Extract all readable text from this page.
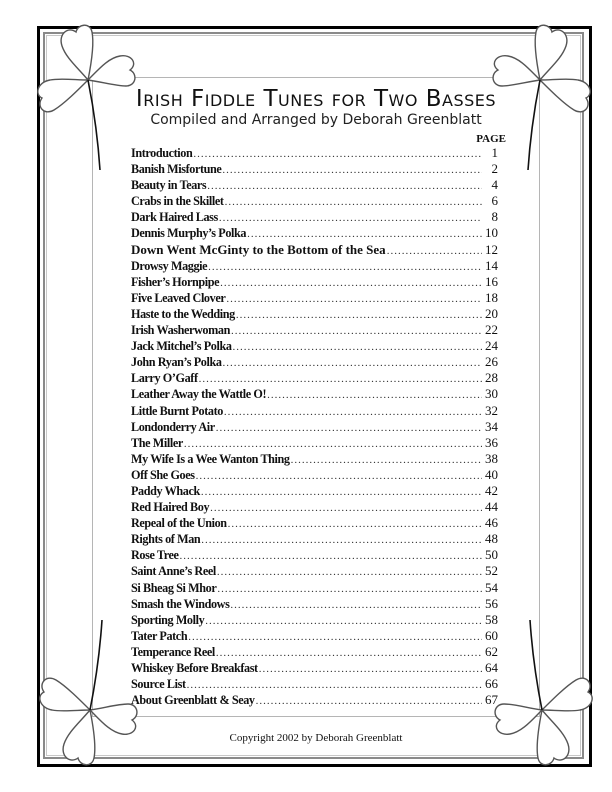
Irish Fiddle Tunes for Two Basses
Compiled and Arranged by Deborah Greenblatt
PAGE
Introduction .....	1
Banish Misfortune .....	2
Beauty in Tears .....	4
Crabs in the Skillet .....	6
Dark Haired Lass .....	8
Dennis Murphy’s Polka .....	10
Down Went McGinty to the Bottom of the Sea .....	12
Drowsy Maggie .....	14
Fisher’s Hornpipe .....	16
Five Leaved Clover .....	18
Haste to the Wedding .....	20
Irish Washerwoman .....	22
Jack Mitchel’s Polka .....	24
John Ryan’s Polka .....	26
Larry O’Gaff .....	28
Leather Away the Wattle O! .....	30
Little Burnt Potato .....	32
Londonderry Air .....	34
The Miller .....	36
My Wife Is a Wee Wanton Thing .....	38
Off She Goes .....	40
Paddy Whack .....	42
Red Haired Boy .....	44
Repeal of the Union .....	46
Rights of Man .....	48
Rose Tree .....	50
Saint Anne’s Reel .....	52
Si Bheag Si Mhor .....	54
Smash the Windows .....	56
Sporting Molly .....	58
Tater Patch .....	60
Temperance Reel .....	62
Whiskey Before Breakfast .....	64
Source List .....	66
About Greenblatt & Seay .....	67
Copyright 2002 by Deborah Greenblatt
